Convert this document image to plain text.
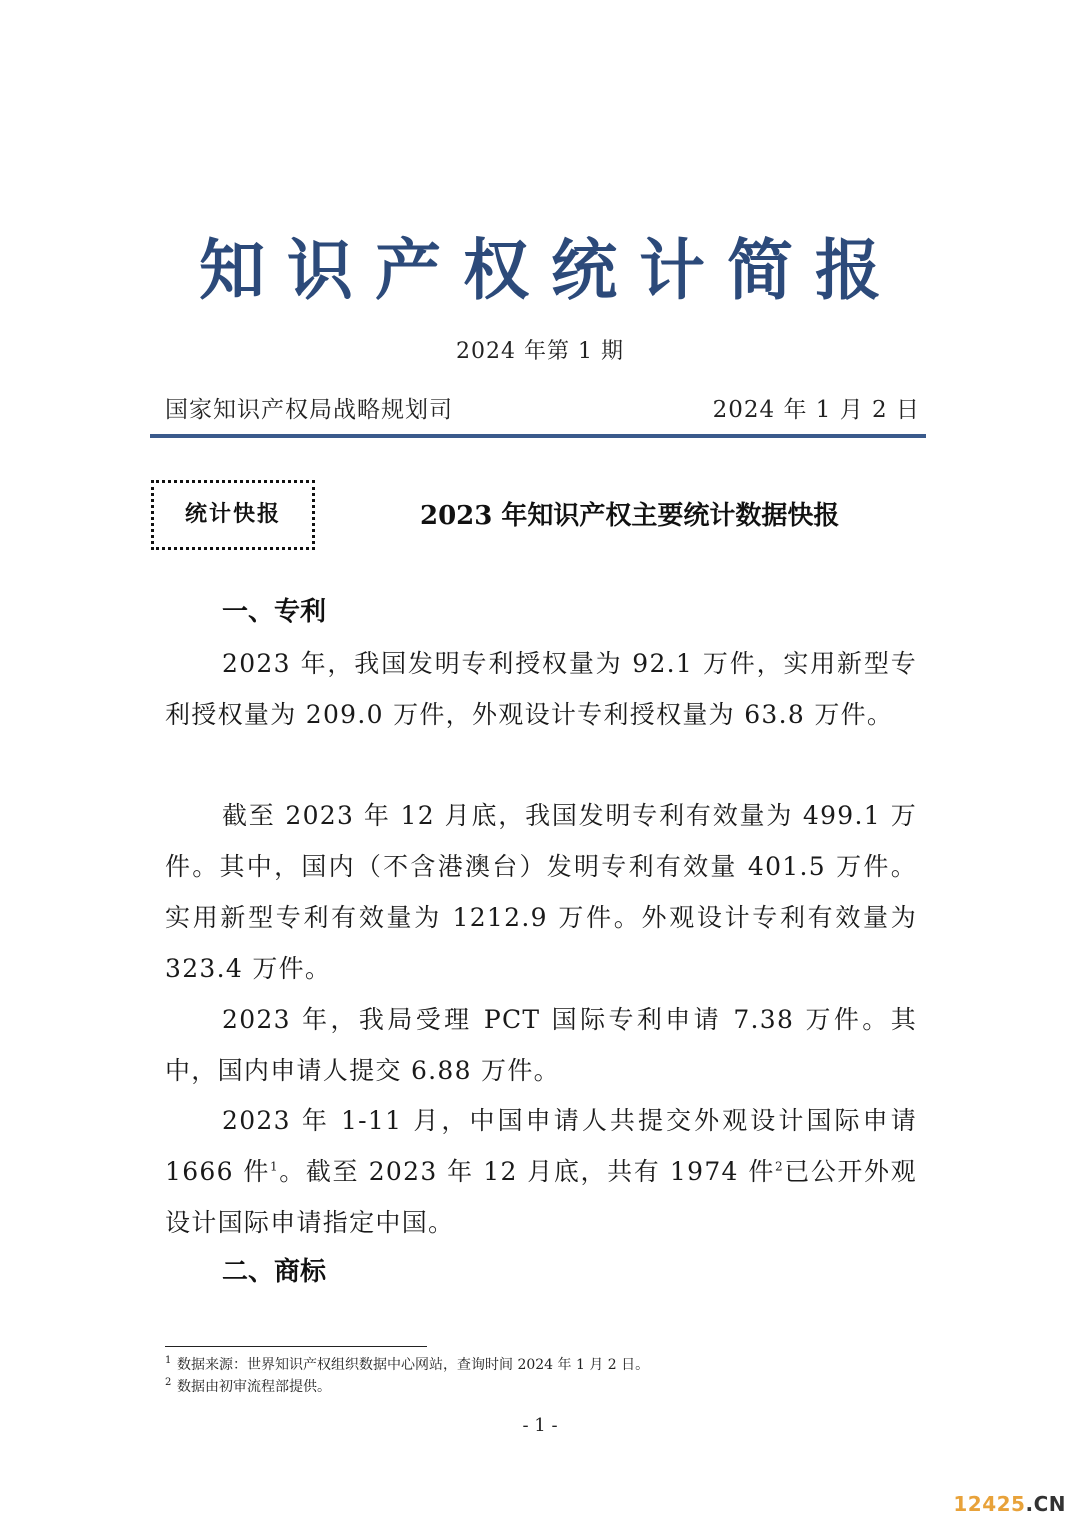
知识产权统计简报
2024 年第 1 期
国家知识产权局战略规划司	2024 年 1 月 2 日
统计快报	2023 年知识产权主要统计数据快报
一、专利

2023 年，我国发明专利授权量为 92.1 万件，实用新型专利授权量为 209.0 万件，外观设计专利授权量为 63.8 万件。

截至 2023 年 12 月底，我国发明专利有效量为 499.1 万件。其中，国内（不含港澳台）发明专利有效量 401.5 万件。实用新型专利有效量为 1212.9 万件。外观设计专利有效量为 323.4 万件。

2023 年，我局受理 PCT 国际专利申请 7.38 万件。其中，国内申请人提交 6.88 万件。

2023 年 1-11 月，中国申请人共提交外观设计国际申请 1666 件$^1$。截至 2023 年 12 月底，共有 1974 件$^2$已公开外观设计国际申请指定中国。

二、商标
1 数据来源：世界知识产权组织数据中心网站，查询时间 2024 年 1 月 2 日。
2 数据由初审流程部提供。
- 1 -
12425.CN
